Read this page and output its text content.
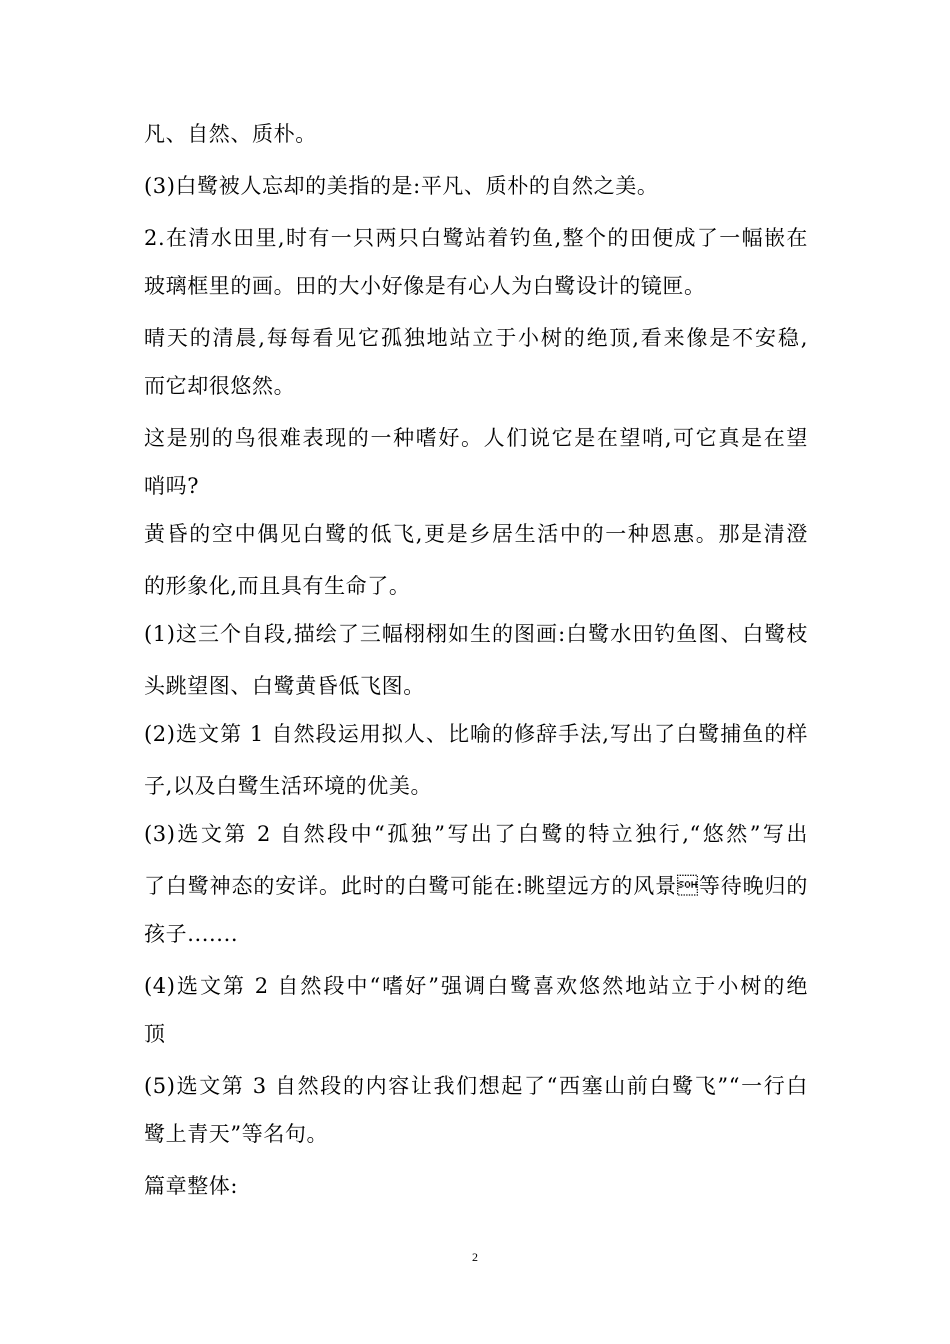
凡、自然、质朴。
(3)白鹭被人忘却的美指的是:平凡、质朴的自然之美。
2.在清水田里,时有一只两只白鹭站着钓鱼,整个的田便成了一幅嵌在
玻璃框里的画。田的大小好像是有心人为白鹭设计的镜匣。
晴天的清晨,每每看见它孤独地站立于小树的绝顶,看来像是不安稳,
而它却很悠然。
这是别的鸟很难表现的一种嗜好。人们说它是在望哨,可它真是在望
哨吗?
黄昏的空中偶见白鹭的低飞,更是乡居生活中的一种恩惠。那是清澄
的形象化,而且具有生命了。
(1)这三个自段,描绘了三幅栩栩如生的图画:白鹭水田钓鱼图、白鹭枝
头跳望图、白鹭黄昏低飞图。
(2)选文第 1 自然段运用拟人、比喻的修辞手法,写出了白鹭捕鱼的样
子,以及白鹭生活环境的优美。
(3)选文第 2 自然段中“孤独”写出了白鹭的特立独行,“悠然”写出
了白鹭神态的安详。此时的白鹭可能在:眺望远方的风景等待晚归的
孩子.......
(4)选文第 2 自然段中“嗜好”强调白鹭喜欢悠然地站立于小树的绝
顶
(5)选文第 3 自然段的内容让我们想起了“西塞山前白鹭飞”“一行白
鹭上青天”等名句。
篇章整体:
2
